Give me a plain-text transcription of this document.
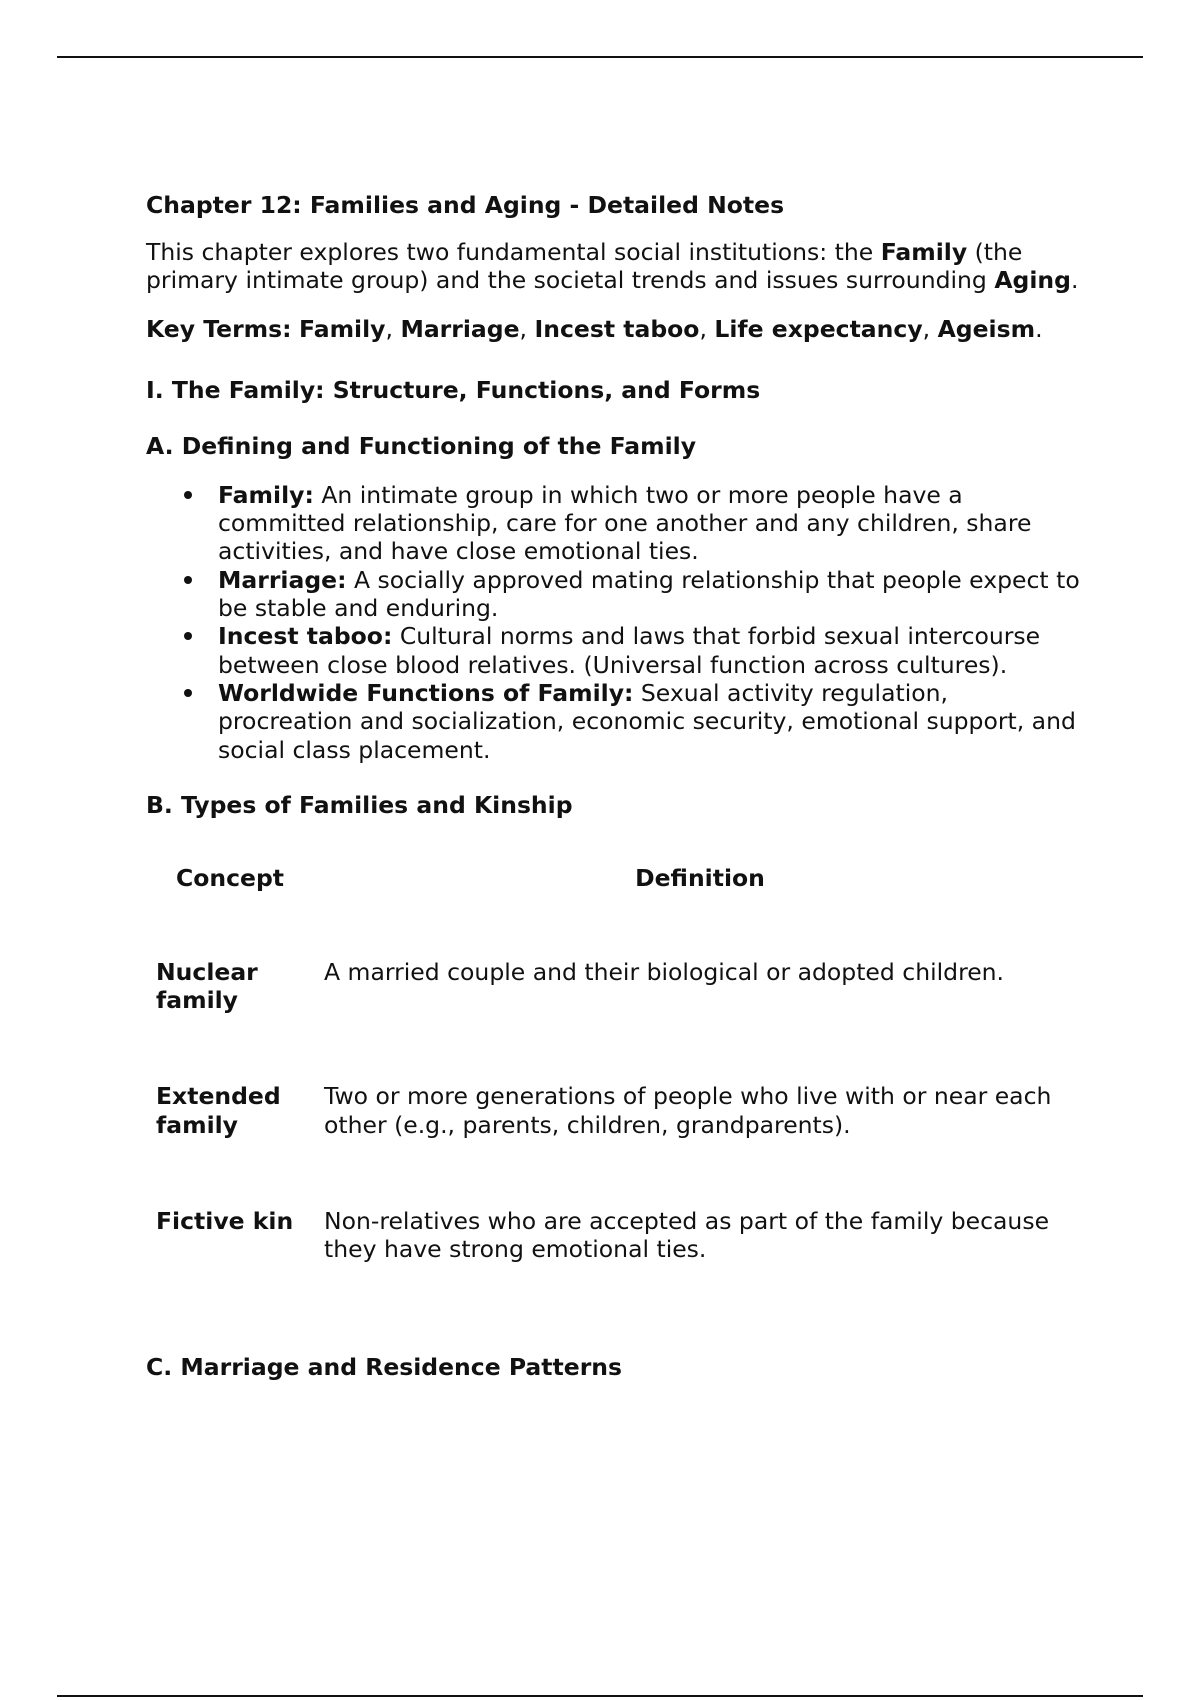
Chapter 12: Families and Aging - Detailed Notes

This chapter explores two fundamental social institutions: the Family (the primary intimate group) and the societal trends and issues surrounding Aging.

Key Terms: Family, Marriage, Incest taboo, Life expectancy, Ageism.

I. The Family: Structure, Functions, and Forms
A. Defining and Functioning of the Family
Family: An intimate group in which two or more people have a committed relationship, care for one another and any children, share activities, and have close emotional ties.
Marriage: A socially approved mating relationship that people expect to be stable and enduring.
Incest taboo: Cultural norms and laws that forbid sexual intercourse between close blood relatives. (Universal function across cultures).
Worldwide Functions of Family: Sexual activity regulation, procreation and socialization, economic security, emotional support, and social class placement.
B. Types of Families and Kinship
Concept	Definition
Nuclear family	A married couple and their biological or adopted children.
Extended family	Two or more generations of people who live with or near each other (e.g., parents, children, grandparents).
Fictive kin	Non-relatives who are accepted as part of the family because they have strong emotional ties.
C. Marriage and Residence Patterns
